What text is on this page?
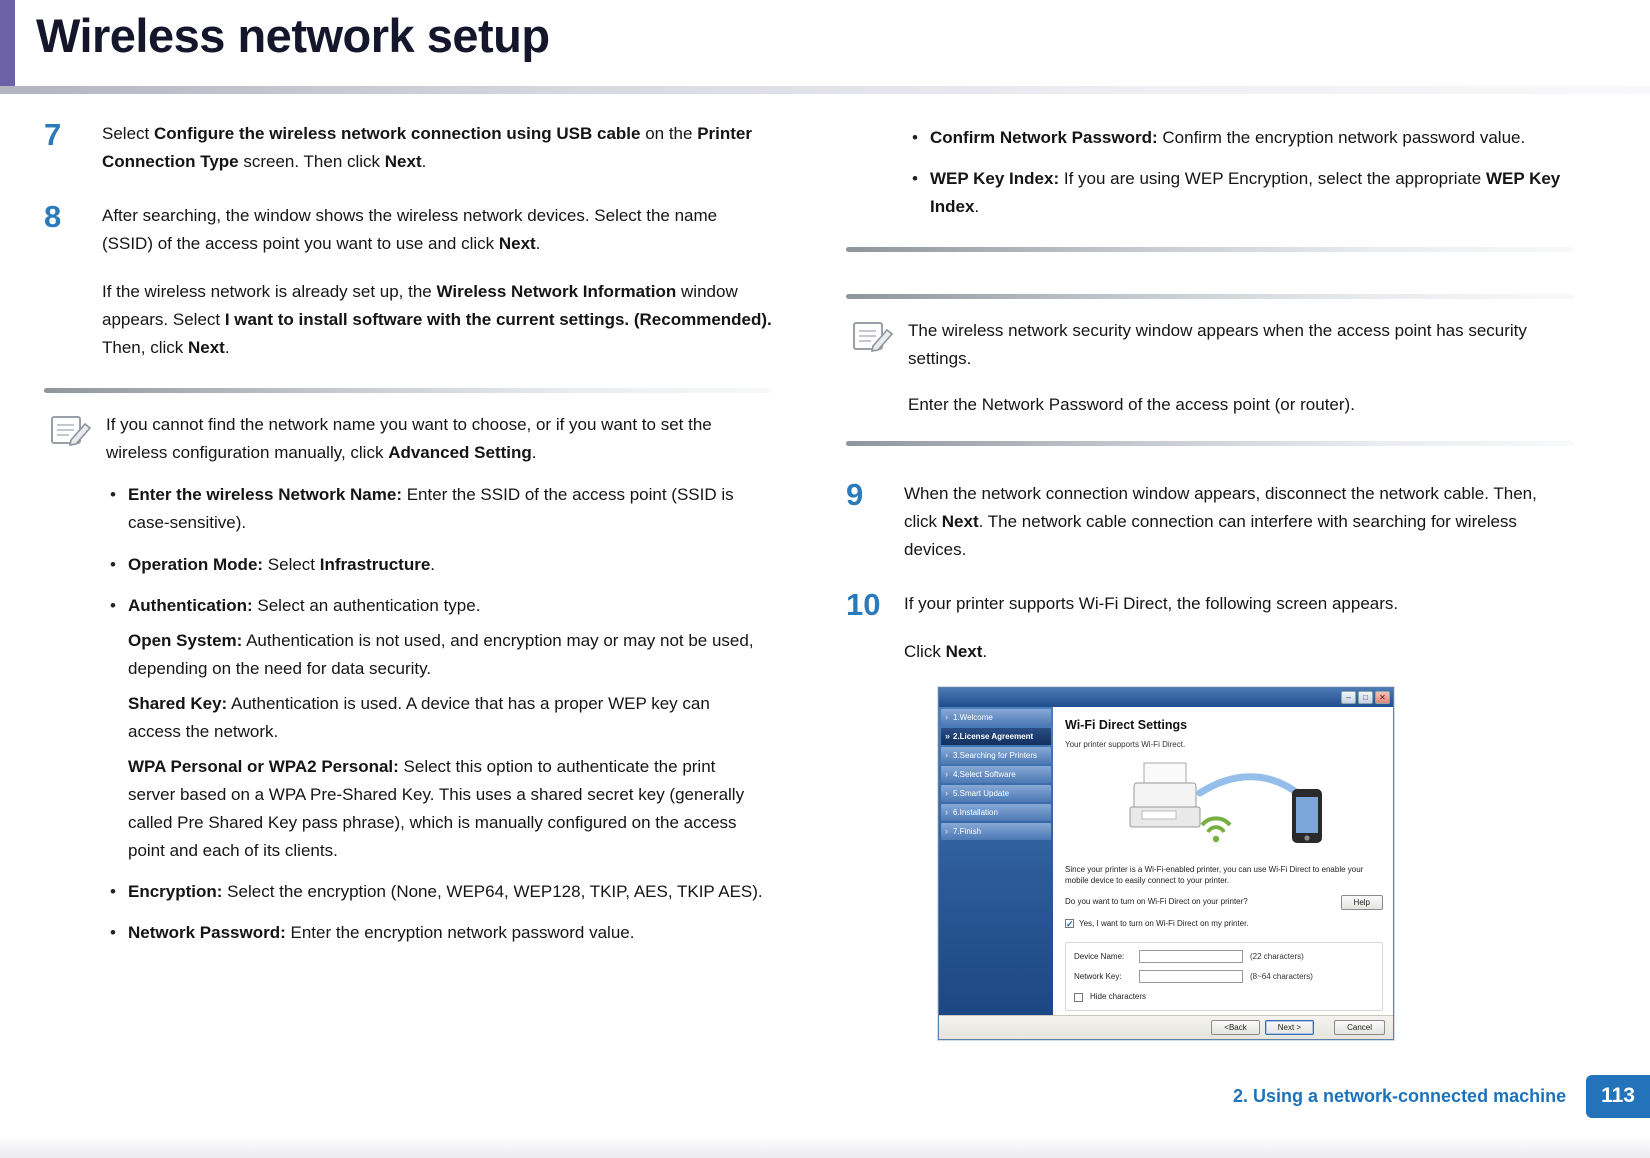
Wireless network setup
7	Select Configure the wireless network connection using USB cable on the Printer Connection Type screen. Then click Next.

8	After searching, the window shows the wireless network devices. Select the name (SSID) of the access point you want to use and click Next.

If the wireless network is already set up, the Wireless Network Information window appears. Select I want to install software with the current settings. (Recommended). Then, click Next.

If you cannot find the network name you want to choose, or if you want to set the wireless configuration manually, click Advanced Setting.

• Enter the wireless Network Name: Enter the SSID of the access point (SSID is case-sensitive).
• Operation Mode: Select Infrastructure.
• Authentication: Select an authentication type.

Open System: Authentication is not used, and encryption may or may not be used, depending on the need for data security.

Shared Key: Authentication is used. A device that has a proper WEP key can access the network.

WPA Personal or WPA2 Personal: Select this option to authenticate the print server based on a WPA Pre-Shared Key. This uses a shared secret key (generally called Pre Shared Key pass phrase), which is manually configured on the access point and each of its clients.

• Encryption: Select the encryption (None, WEP64, WEP128, TKIP, AES, TKIP AES).
• Network Password: Enter the encryption network password value.
• Confirm Network Password: Confirm the encryption network password value.
• WEP Key Index: If you are using WEP Encryption, select the appropriate WEP Key Index.

The wireless network security window appears when the access point has security settings.

Enter the Network Password of the access point (or router).

9	When the network connection window appears, disconnect the network cable. Then, click Next. The network cable connection can interfere with searching for wireless devices.

10	If your printer supports Wi-Fi Direct, the following screen appears.

Click Next.

–	□	✕
› 1.Welcome
» 2.License Agreement
› 3.Searching for Printers
› 4.Select Software
› 5.Smart Update
› 6.Installation
› 7.Finish
Wi-Fi Direct Settings
Your printer supports Wi-Fi Direct.
Since your printer is a Wi-Fi-enabled printer, you can use Wi-Fi Direct to enable your mobile device to easily connect to your printer.
Do you want to turn on Wi-Fi Direct on your printer?	Help
✓
Yes, I want to turn on Wi-Fi Direct on my printer.
Device Name:	(22 characters)
Network Key:	(8~64 characters)
Hide characters
<Back	Next >	Cancel
2. Using a network-connected machine	113
